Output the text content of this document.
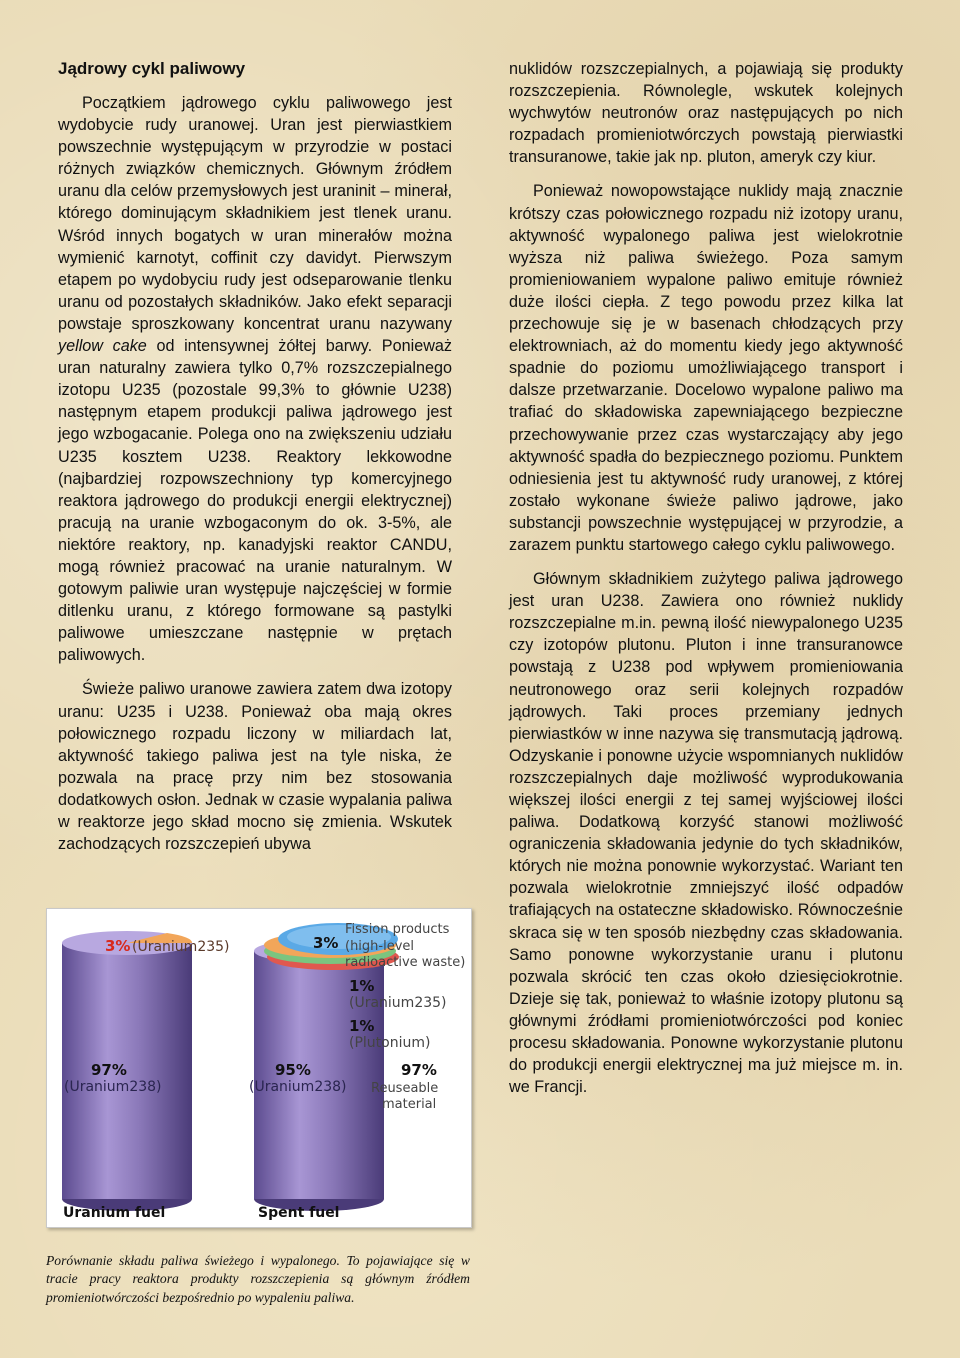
Jądrowy cykl paliwowy

Początkiem jądrowego cyklu paliwowego jest wydobycie rudy uranowej. Uran jest pierwiastkiem powszechnie występującym w przyrodzie w postaci różnych związków chemicznych. Głównym źródłem uranu dla celów przemysłowych jest uraninit – minerał, którego dominującym składnikiem jest tlenek uranu. Wśród innych bogatych w uran minerałów można wymienić karnotyt, coffinit czy davidyt. Pierwszym etapem po wydobyciu rudy jest odseparowanie tlenku uranu od pozostałych składników. Jako efekt separacji powstaje sproszkowany koncentrat uranu nazywany yellow cake od intensywnej żółtej barwy. Ponieważ uran naturalny zawiera tylko 0,7% rozszczepialnego izotopu U235 (pozostale 99,3% to głównie U238) następnym etapem produkcji paliwa jądrowego jest jego wzbogacanie. Polega ono na zwiększeniu udziału U235 kosztem U238. Reaktory lekkowodne (najbardziej rozpowszechniony typ komercyjnego reaktora jądrowego do produkcji energii elektrycznej) pracują na uranie wzbogaconym do ok. 3-5%, ale niektóre reaktory, np. kanadyjski reaktor CANDU, mogą również pracować na uranie naturalnym. W gotowym paliwie uran występuje najczęściej w formie ditlenku uranu, z którego formowane są pastylki paliwowe umieszczane następnie w prętach paliwowych.

Świeże paliwo uranowe zawiera zatem dwa izotopy uranu: U235 i U238. Ponieważ oba mają okres połowicznego rozpadu liczony w miliardach lat, aktywność takiego paliwa jest na tyle niska, że pozwala na pracę przy nim bez stosowania dodatkowych osłon. Jednak w czasie wypalania paliwa w reaktorze jego skład mocno się zmienia. Wskutek zachodzących rozszczepień ubywa

nuklidów rozszczepialnych, a pojawiają się produkty rozszczepienia. Równolegle, wskutek kolejnych wychwytów neutronów oraz następujących po nich rozpadach promieniotwórczych powstają pierwiastki transuranowe, takie jak np. pluton, ameryk czy kiur.

Ponieważ nowopowstające nuklidy mają znacznie krótszy czas połowicznego rozpadu niż izotopy uranu, aktywność wypalonego paliwa jest wielokrotnie wyższa niż paliwa świeżego. Poza samym promieniowaniem wypalone paliwo emituje również duże ilości ciepła. Z tego powodu przez kilka lat przechowuje się je w basenach chłodzących przy elektrowniach, aż do momentu kiedy jego aktywność spadnie do poziomu umożliwiającego transport i dalsze przetwarzanie. Docelowo wypalone paliwo ma trafiać do składowiska zapewniającego bezpieczne przechowywanie przez czas wystarczający aby jego aktywność spadła do bezpiecznego poziomu. Punktem odniesienia jest tu aktywność rudy uranowej, z której zostało wykonane świeże paliwo jądrowe, jako substancji powszechnie występującej w przyrodzie, a zarazem punktu startowego całego cyklu paliwowego.

Głównym składnikiem zużytego paliwa jądrowego jest uran U238. Zawiera ono również nuklidy rozszczepialne m.in. pewną ilość niewypalonego U235 czy izotopów plutonu. Pluton i inne transuranowce powstają z U238 pod wpływem promieniowania neutronowego oraz serii kolejnych rozpadów jądrowych. Taki proces przemiany jednych pierwiastków w inne nazywa się transmutacją jądrową. Odzyskanie i ponowne użycie wspomnianych nuklidów rozszczepialnych daje możliwość wyprodukowania większej ilości energii z tej samej wyjściowej ilości paliwa. Dodatkową korzyść stanowi możliwość ograniczenia składowania jedynie do tych składników, których nie można ponownie wykorzystać. Wariant ten pozwala wielokrotnie zmniejszyć ilość odpadów trafiających na ostateczne składowisko. Równocześnie skraca się w ten sposób niezbędny czas składowania. Samo ponowne wykorzystanie uranu i plutonu pozwala skrócić ten czas około dziesięciokrotnie. Dzieje się tak, ponieważ to właśnie izotopy plutonu są głównymi źródłami promieniotwórczości pod koniec procesu składowania. Ponowne wykorzystanie plutonu do produkcji energii elektrycznej ma już miejsce m. in. we Francji.

3% (Uranium235)
97%
(Uranium238)
3%
95%
(Uranium238)
Fission products
(high-level
radioactive waste)
1%
(Uranium235)
1%
(Plutonium)
97%
Reuseable
material
Uranium fuel	Spent fuel

Porównanie składu paliwa świeżego i wypalonego. To pojawiające się w tracie pracy reaktora produkty rozszczepienia są głównym źródłem promieniotwórczości bezpośrednio po wypaleniu paliwa.
